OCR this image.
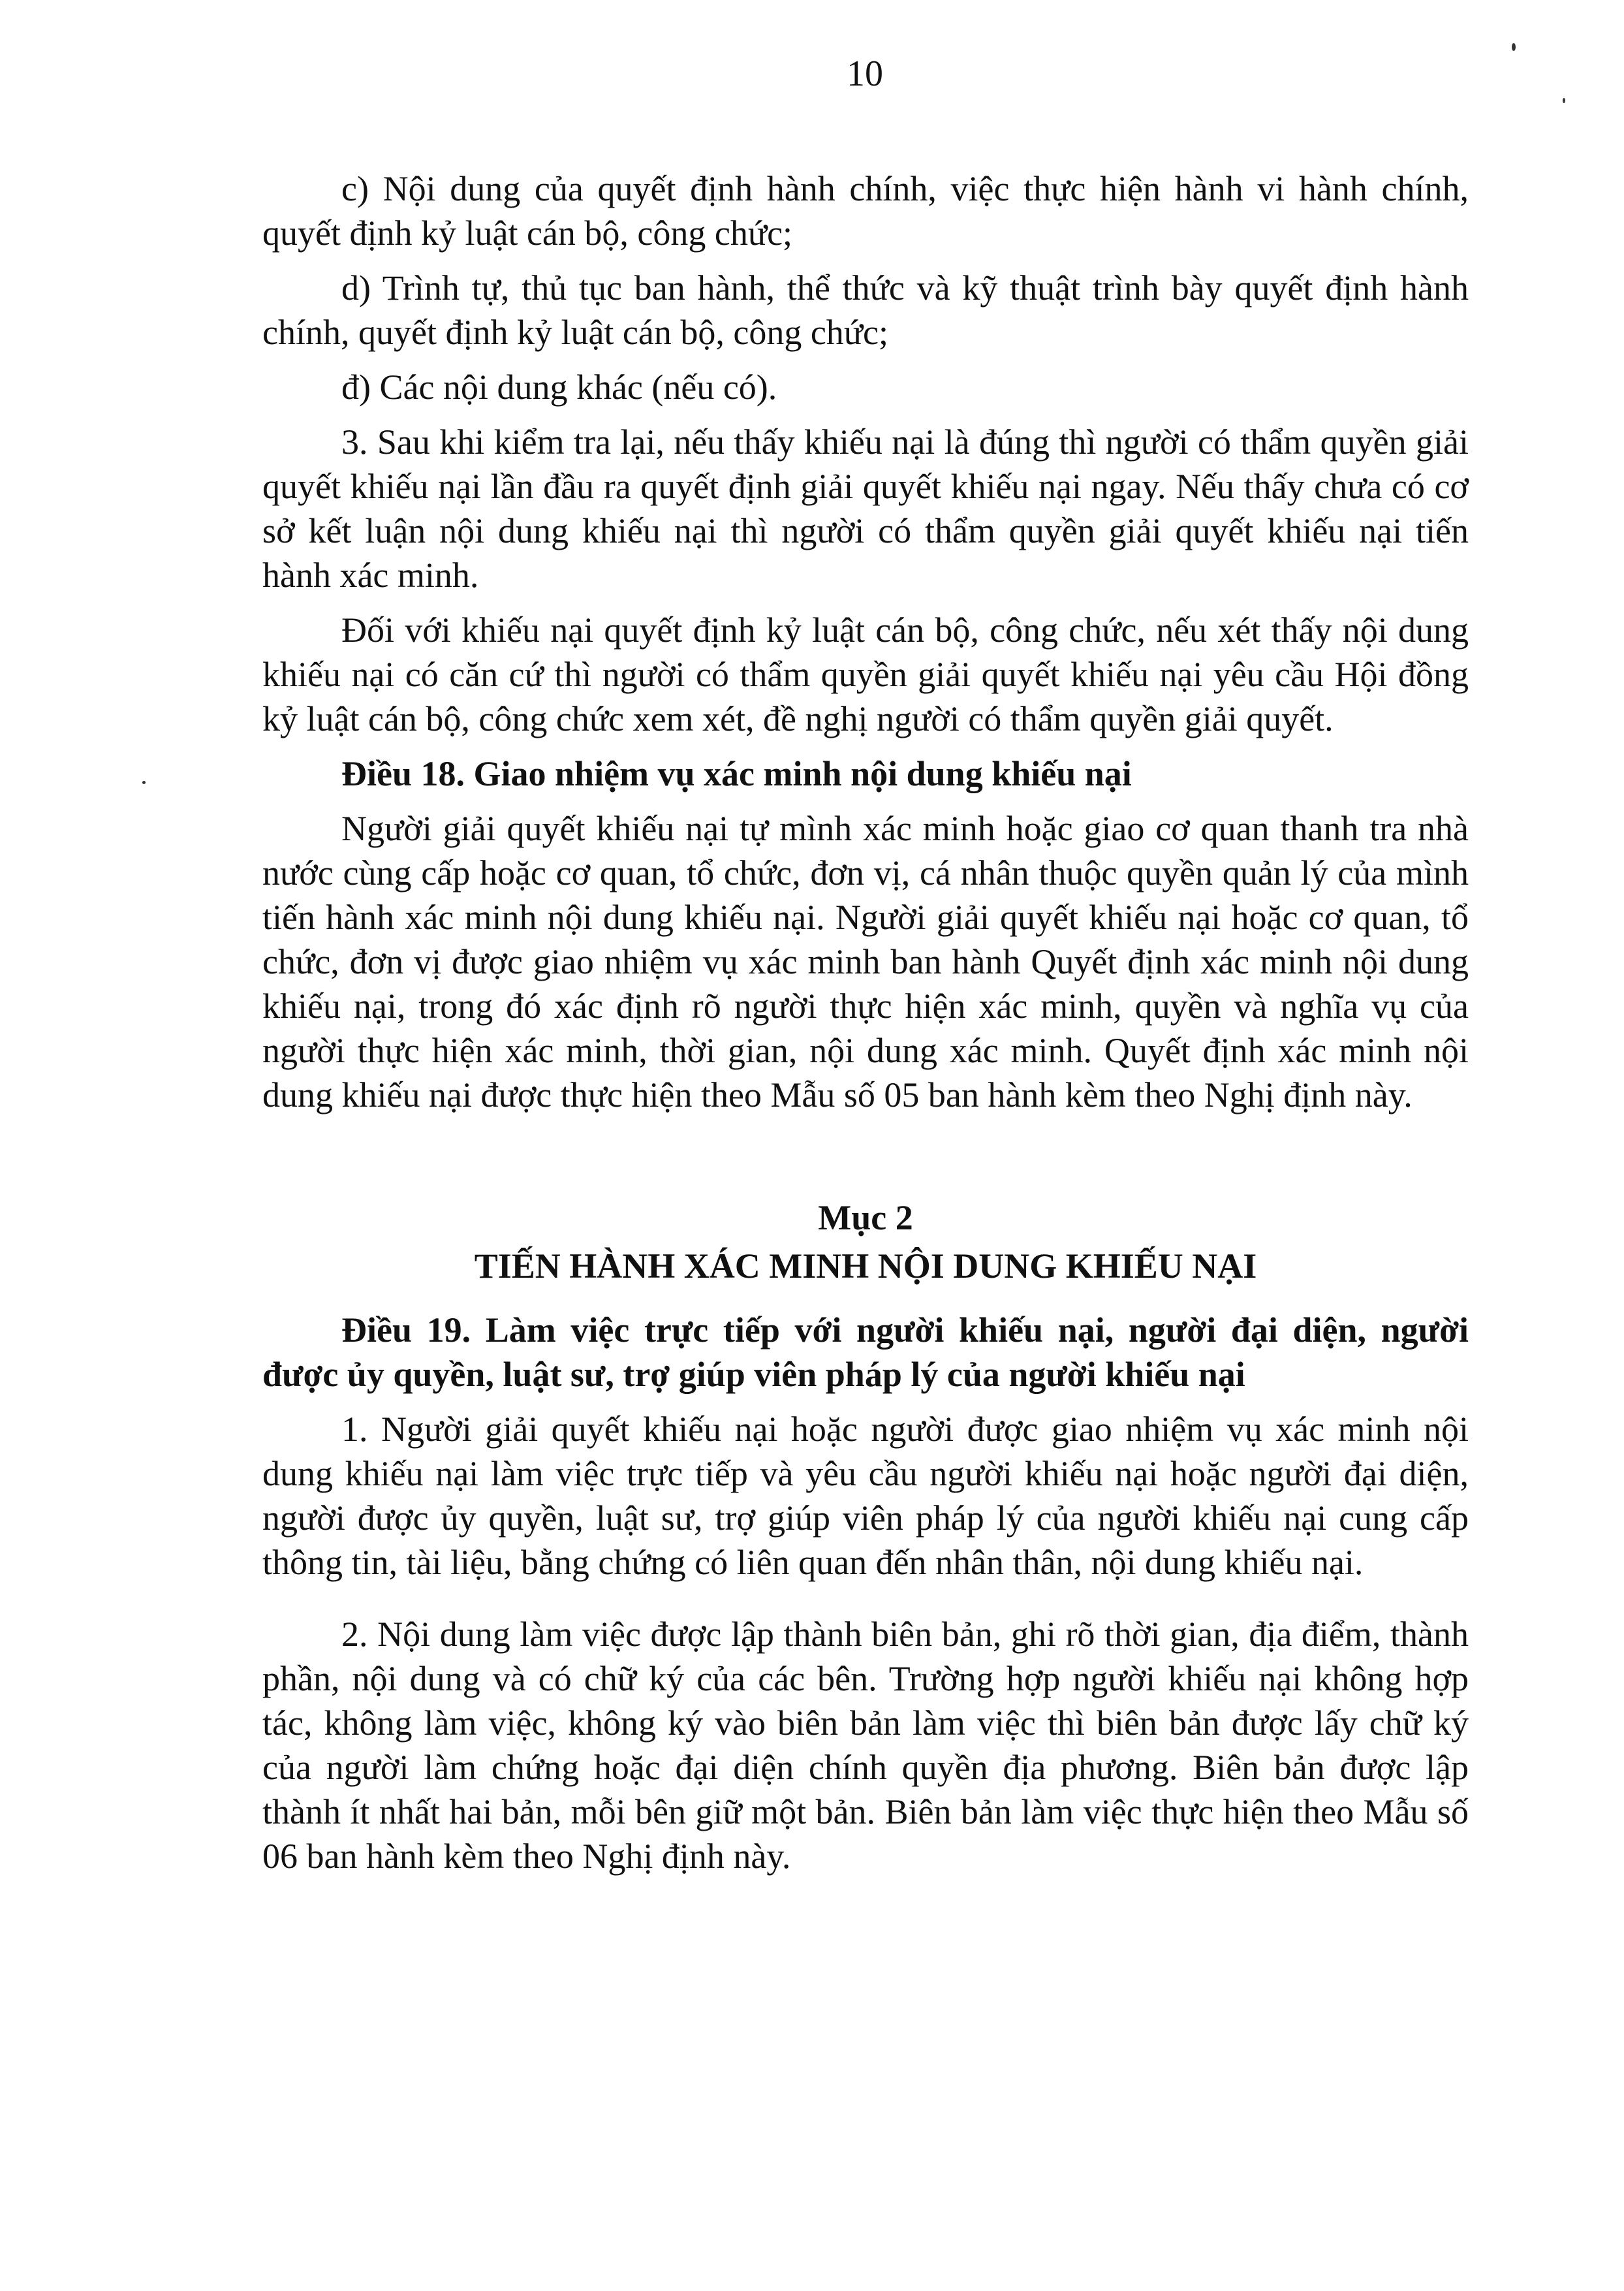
10

c) Nội dung của quyết định hành chính, việc thực hiện hành vi hành chính, quyết định kỷ luật cán bộ, công chức;

d) Trình tự, thủ tục ban hành, thể thức và kỹ thuật trình bày quyết định hành chính, quyết định kỷ luật cán bộ, công chức;

đ) Các nội dung khác (nếu có).

3. Sau khi kiểm tra lại, nếu thấy khiếu nại là đúng thì người có thẩm quyền giải quyết khiếu nại lần đầu ra quyết định giải quyết khiếu nại ngay. Nếu thấy chưa có cơ sở kết luận nội dung khiếu nại thì người có thẩm quyền giải quyết khiếu nại tiến hành xác minh.

Đối với khiếu nại quyết định kỷ luật cán bộ, công chức, nếu xét thấy nội dung khiếu nại có căn cứ thì người có thẩm quyền giải quyết khiếu nại yêu cầu Hội đồng kỷ luật cán bộ, công chức xem xét, đề nghị người có thẩm quyền giải quyết.

Điều 18. Giao nhiệm vụ xác minh nội dung khiếu nại

Người giải quyết khiếu nại tự mình xác minh hoặc giao cơ quan thanh tra nhà nước cùng cấp hoặc cơ quan, tổ chức, đơn vị, cá nhân thuộc quyền quản lý của mình tiến hành xác minh nội dung khiếu nại. Người giải quyết khiếu nại hoặc cơ quan, tổ chức, đơn vị được giao nhiệm vụ xác minh ban hành Quyết định xác minh nội dung khiếu nại, trong đó xác định rõ người thực hiện xác minh, quyền và nghĩa vụ của người thực hiện xác minh, thời gian, nội dung xác minh. Quyết định xác minh nội dung khiếu nại được thực hiện theo Mẫu số 05 ban hành kèm theo Nghị định này.

Mục 2
TIẾN HÀNH XÁC MINH NỘI DUNG KHIẾU NẠI

Điều 19. Làm việc trực tiếp với người khiếu nại, người đại diện, người được ủy quyền, luật sư, trợ giúp viên pháp lý của người khiếu nại

1. Người giải quyết khiếu nại hoặc người được giao nhiệm vụ xác minh nội dung khiếu nại làm việc trực tiếp và yêu cầu người khiếu nại hoặc người đại diện, người được ủy quyền, luật sư, trợ giúp viên pháp lý của người khiếu nại cung cấp thông tin, tài liệu, bằng chứng có liên quan đến nhân thân, nội dung khiếu nại.

2. Nội dung làm việc được lập thành biên bản, ghi rõ thời gian, địa điểm, thành phần, nội dung và có chữ ký của các bên. Trường hợp người khiếu nại không hợp tác, không làm việc, không ký vào biên bản làm việc thì biên bản được lấy chữ ký của người làm chứng hoặc đại diện chính quyền địa phương. Biên bản được lập thành ít nhất hai bản, mỗi bên giữ một bản. Biên bản làm việc thực hiện theo Mẫu số 06 ban hành kèm theo Nghị định này.
